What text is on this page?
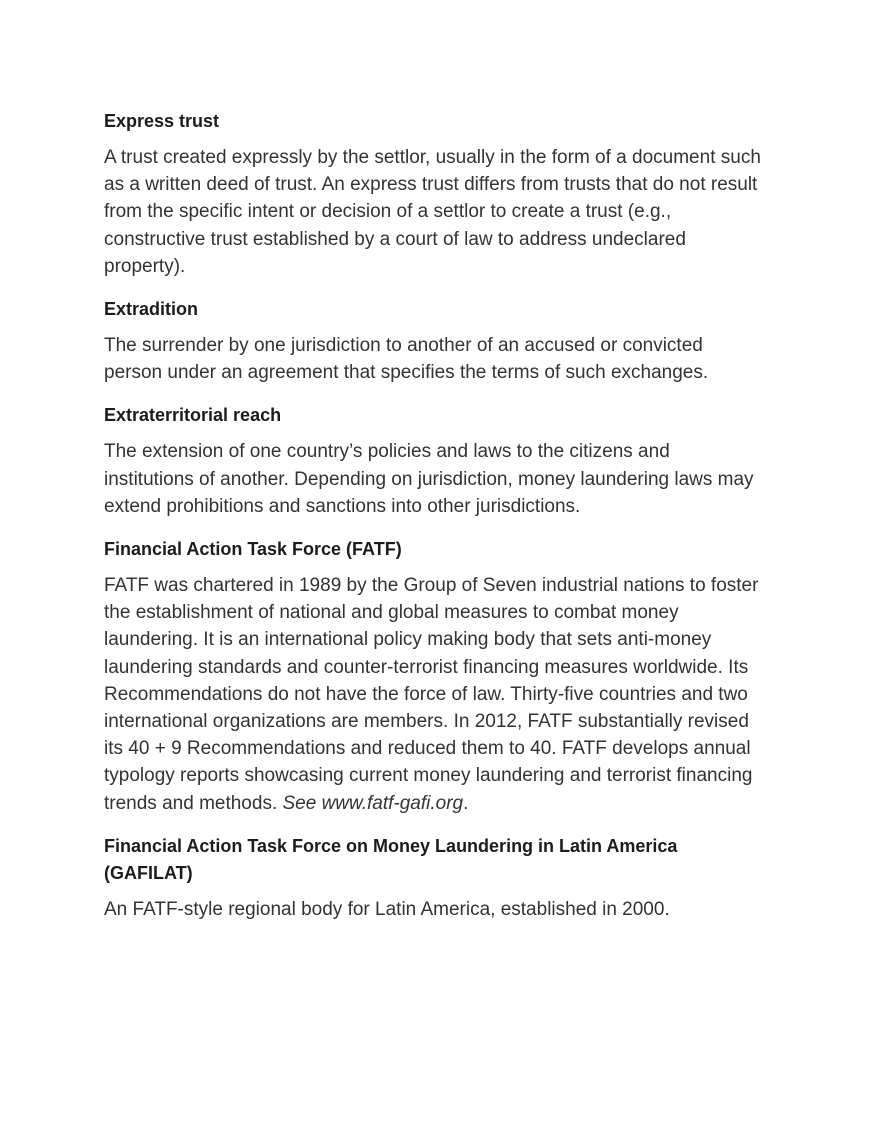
Express trust

A trust created expressly by the settlor, usually in the form of a document such as a written deed of trust. An express trust differs from trusts that do not result from the specific intent or decision of a settlor to create a trust (e.g., constructive trust established by a court of law to address undeclared property).

Extradition

The surrender by one jurisdiction to another of an accused or convicted person under an agreement that specifies the terms of such exchanges.

Extraterritorial reach

The extension of one country’s policies and laws to the citizens and institutions of another. Depending on jurisdiction, money laundering laws may extend prohibitions and sanctions into other jurisdictions.

Financial Action Task Force (FATF)

FATF was chartered in 1989 by the Group of Seven industrial nations to foster the establishment of national and global measures to combat money laundering. It is an international policy making body that sets anti-money laundering standards and counter-terrorist financing measures worldwide. Its Recommendations do not have the force of law. Thirty-five countries and two international organizations are members. In 2012, FATF substantially revised its 40 + 9 Recommendations and reduced them to 40. FATF develops annual typology reports showcasing current money laundering and terrorist financing trends and methods. See www.fatf-gafi.org.

Financial Action Task Force on Money Laundering in Latin America (GAFILAT)

An FATF-style regional body for Latin America, established in 2000.
